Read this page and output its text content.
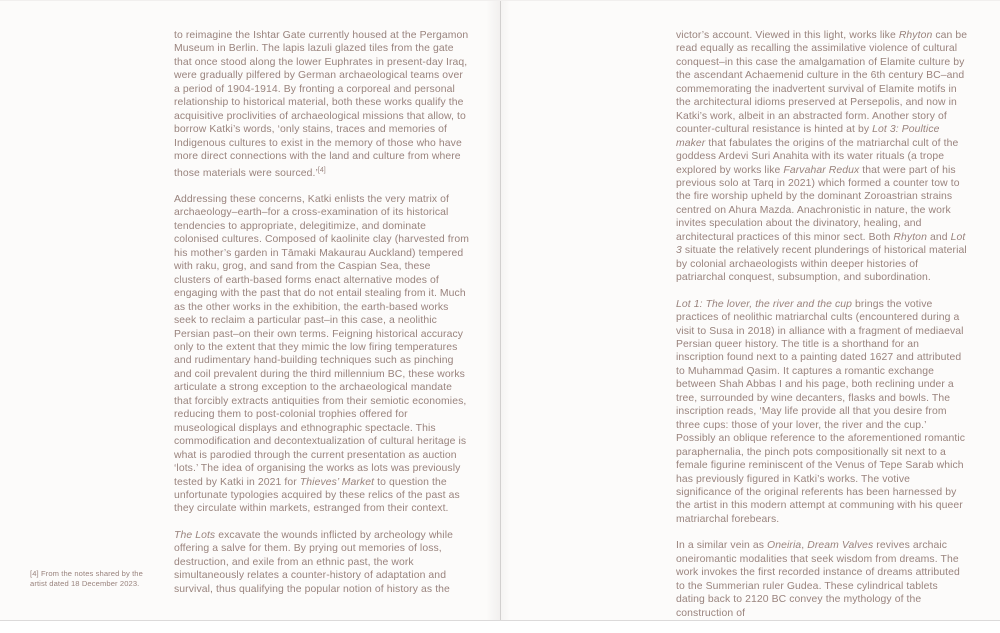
to reimagine the Ishtar Gate currently housed at the Pergamon Museum in Berlin. The lapis lazuli glazed tiles from the gate that once stood along the lower Euphrates in present-day Iraq, were gradually pilfered by German archaeological teams over a period of 1904-1914. By fronting a corporeal and personal relationship to historical material, both these works qualify the acquisitive proclivities of archaeological missions that allow, to borrow Katki’s words, ‘only stains, traces and memories of Indigenous cultures to exist in the memory of those who have more direct connections with the land and culture from where those materials were sourced.’[4]

Addressing these concerns, Katki enlists the very matrix of archaeology–earth–for a cross-examination of its historical tendencies to appropriate, delegitimize, and dominate colonised cultures. Composed of kaolinite clay (harvested from his mother’s garden in Tāmaki Makaurau Auckland) tempered with raku, grog, and sand from the Caspian Sea, these clusters of earth-based forms enact alternative modes of engaging with the past that do not entail stealing from it. Much as the other works in the exhibition, the earth-based works seek to reclaim a particular past–in this case, a neolithic Persian past–on their own terms. Feigning historical accuracy only to the extent that they mimic the low firing temperatures and rudimentary hand-building techniques such as pinching and coil prevalent during the third millennium BC, these works articulate a strong exception to the archaeological mandate that forcibly extracts antiquities from their semiotic economies, reducing them to post-colonial trophies offered for museological displays and ethnographic spectacle. This commodification and decontextualization of cultural heritage is what is parodied through the current presentation as auction ‘lots.’ The idea of organising the works as lots was previously tested by Katki in 2021 for Thieves’ Market to question the unfortunate typologies acquired by these relics of the past as they circulate within markets, estranged from their context.

The Lots excavate the wounds inflicted by archeology while offering a salve for them. By prying out memories of loss, destruction, and exile from an ethnic past, the work simultaneously relates a counter-history of adaptation and survival, thus qualifying the popular notion of history as the

victor’s account. Viewed in this light, works like Rhyton can be read equally as recalling the assimilative violence of cultural conquest–in this case the amalgamation of Elamite culture by the ascendant Achaemenid culture in the 6th century BC–and commemorating the inadvertent survival of Elamite motifs in the architectural idioms preserved at Persepolis, and now in Katki’s work, albeit in an abstracted form. Another story of counter-cultural resistance is hinted at by Lot 3: Poultice maker that fabulates the origins of the matriarchal cult of the goddess Ardevi Suri Anahita with its water rituals (a trope explored by works like Farvahar Redux that were part of his previous solo at Tarq in 2021) which formed a counter tow to the fire worship upheld by the dominant Zoroastrian strains centred on Ahura Mazda. Anachronistic in nature, the work invites speculation about the divinatory, healing, and architectural practices of this minor sect. Both Rhyton and Lot 3 situate the relatively recent plunderings of historical material by colonial archaeologists within deeper histories of patriarchal conquest, subsumption, and subordination.

Lot 1: The lover, the river and the cup brings the votive practices of neolithic matriarchal cults (encountered during a visit to Susa in 2018) in alliance with a fragment of mediaeval Persian queer history. The title is a shorthand for an inscription found next to a painting dated 1627 and attributed to Muhammad Qasim. It captures a romantic exchange between Shah Abbas I and his page, both reclining under a tree, surrounded by wine decanters, flasks and bowls. The inscription reads, ‘May life provide all that you desire from three cups: those of your lover, the river and the cup.’ Possibly an oblique reference to the aforementioned romantic paraphernalia, the pinch pots compositionally sit next to a female figurine reminiscent of the Venus of Tepe Sarab which has previously figured in Katki’s works. The votive significance of the original referents has been harnessed by the artist in this modern attempt at communing with his queer matriarchal forebears.

In a similar vein as Oneiria, Dream Valves revives archaic oneiromantic modalities that seek wisdom from dreams. The work invokes the first recorded instance of dreams attributed to the Summerian ruler Gudea. These cylindrical tablets dating back to 2120 BC convey the mythology of the construction of

[4] From the notes shared by the artist dated 18 December 2023.
